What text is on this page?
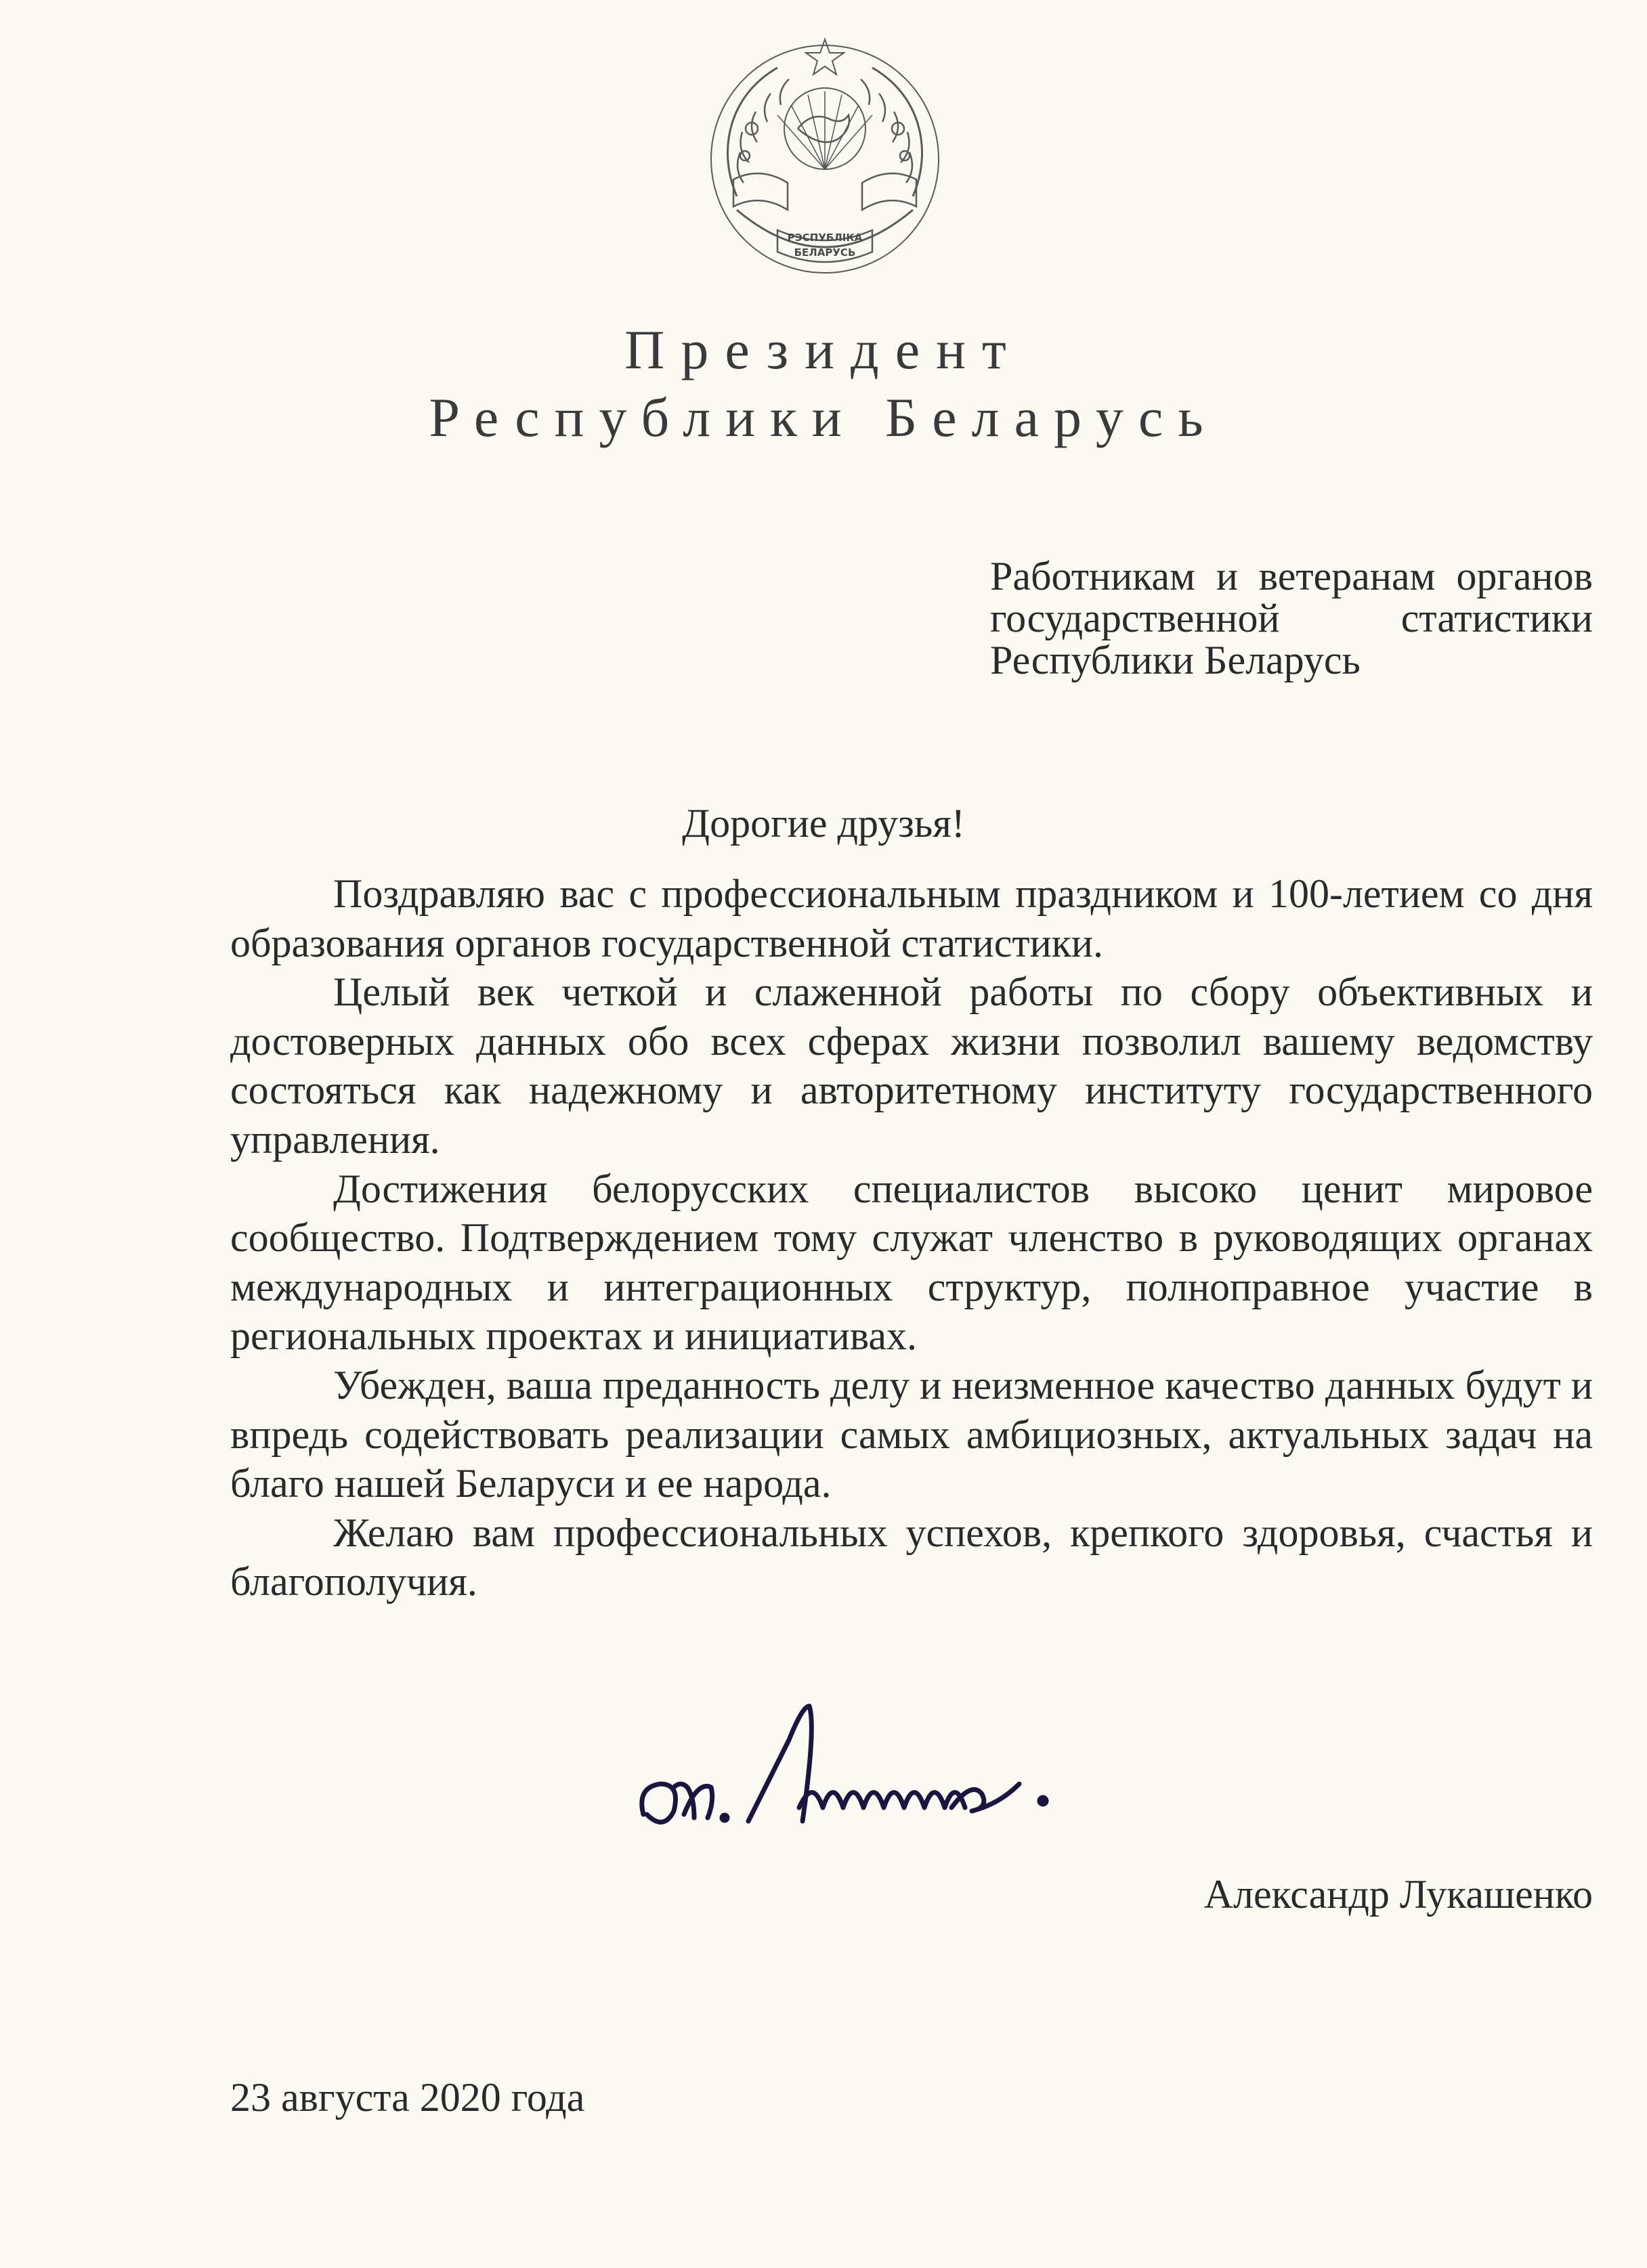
РЭСПУБЛІКА
БЕЛАРУСЬ
Президент
Республики Беларусь
Работникам и ветеранам органов
государственной статистики
Республики Беларусь
Дорогие друзья!

Поздравляю вас с профессиональным праздником и 100-летием со дня образования органов государственной статистики.

Целый век четкой и слаженной работы по сбору объективных и достоверных данных обо всех сферах жизни позволил вашему ведомству состояться как надежному и авторитетному институту государственного управления.

Достижения белорусских специалистов высоко ценит мировое сообщество. Подтверждением тому служат членство в руководящих органах международных и интеграционных структур, полноправное участие в региональных проектах и инициативах.

Убежден, ваша преданность делу и неизменное качество данных будут и впредь содействовать реализации самых амбициозных, актуальных задач на благо нашей Беларуси и ее народа.

Желаю вам профессиональных успехов, крепкого здоровья, счастья и благополучия.

Александр Лукашенко
23 августа 2020 года
